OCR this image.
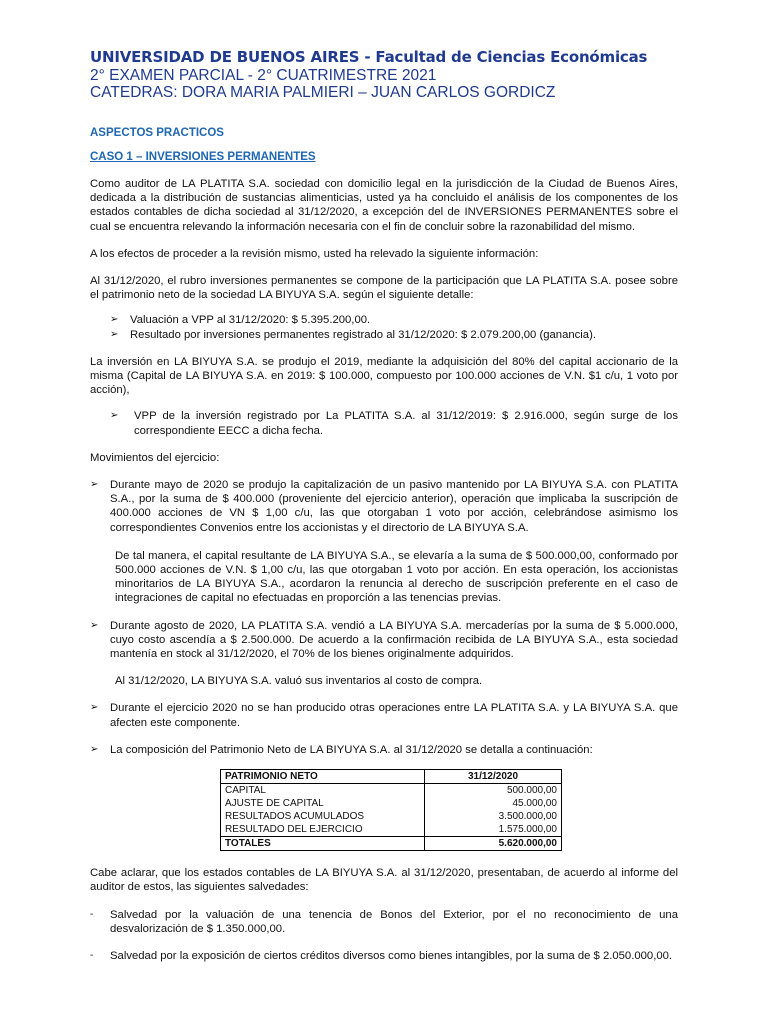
UNIVERSIDAD DE BUENOS AIRES - Facultad de Ciencias Económicas
2° EXAMEN PARCIAL - 2° CUATRIMESTRE 2021
CATEDRAS: DORA MARIA PALMIERI – JUAN CARLOS GORDICZ
ASPECTOS PRACTICOS
CASO 1 – INVERSIONES PERMANENTES

Como auditor de LA PLATITA S.A. sociedad con domicilio legal en la jurisdicción de la Ciudad de Buenos Aires, dedicada a la distribución de sustancias alimenticias, usted ya ha concluido el análisis de los componentes de los estados contables de dicha sociedad al 31/12/2020, a excepción del de INVERSIONES PERMANENTES sobre el cual se encuentra relevando la información necesaria con el fin de concluir sobre la razonabilidad del mismo.

A los efectos de proceder a la revisión mismo, usted ha relevado la siguiente información:

Al 31/12/2020, el rubro inversiones permanentes se compone de la participación que LA PLATITA S.A. posee sobre el patrimonio neto de la sociedad LA BIYUYA S.A. según el siguiente detalle:

➢	Valuación a VPP al 31/12/2020: $ 5.395.200,00.
➢	Resultado por inversiones permanentes registrado al 31/12/2020: $ 2.079.200,00 (ganancia).

La inversión en LA BIYUYA S.A. se produjo el 2019, mediante la adquisición del 80% del capital accionario de la misma (Capital de LA BIYUYA S.A. en 2019: $ 100.000, compuesto por 100.000 acciones de V.N. $1 c/u, 1 voto por acción),

➢	VPP de la inversión registrado por La PLATITA S.A. al 31/12/2019: $ 2.916.000, según surge de los correspondiente EECC a dicha fecha.

Movimientos del ejercicio:

➢	Durante mayo de 2020 se produjo la capitalización de un pasivo mantenido por LA BIYUYA S.A. con PLATITA S.A., por la suma de $ 400.000 (proveniente del ejercicio anterior), operación que implicaba la suscripción de 400.000 acciones de VN $ 1,00 c/u, las que otorgaban 1 voto por acción, celebrándose asimismo los correspondientes Convenios entre los accionistas y el directorio de LA BIYUYA S.A.

De tal manera, el capital resultante de LA BIYUYA S.A., se elevaría a la suma de $ 500.000,00, conformado por 500.000 acciones de V.N. $ 1,00 c/u, las que otorgaban 1 voto por acción. En esta operación, los accionistas minoritarios de LA BIYUYA S.A., acordaron la renuncia al derecho de suscripción preferente en el caso de integraciones de capital no efectuadas en proporción a las tenencias previas.

➢	Durante agosto de 2020, LA PLATITA S.A. vendió a LA BIYUYA S.A. mercaderías por la suma de $ 5.000.000, cuyo costo ascendía a $ 2.500.000. De acuerdo a la confirmación recibida de LA BIYUYA S.A., esta sociedad mantenía en stock al 31/12/2020, el 70% de los bienes originalmente adquiridos.

Al 31/12/2020, LA BIYUYA S.A. valuó sus inventarios al costo de compra.

➢	Durante el ejercicio 2020 no se han producido otras operaciones entre LA PLATITA S.A. y LA BIYUYA S.A. que afecten este componente.
➢	La composición del Patrimonio Neto de LA BIYUYA S.A. al 31/12/2020 se detalla a continuación:
PATRIMONIO NETO	31/12/2020
CAPITAL	500.000,00
AJUSTE DE CAPITAL	45.000,00
RESULTADOS ACUMULADOS	3.500.000,00
RESULTADO DEL EJERCICIO	1.575.000,00
TOTALES	5.620.000,00

Cabe aclarar, que los estados contables de LA BIYUYA S.A. al 31/12/2020, presentaban, de acuerdo al informe del auditor de estos, las siguientes salvedades:

-	Salvedad por la valuación de una tenencia de Bonos del Exterior, por el no reconocimiento de una desvalorización de $ 1.350.000,00.
-	Salvedad por la exposición de ciertos créditos diversos como bienes intangibles, por la suma de $ 2.050.000,00.
